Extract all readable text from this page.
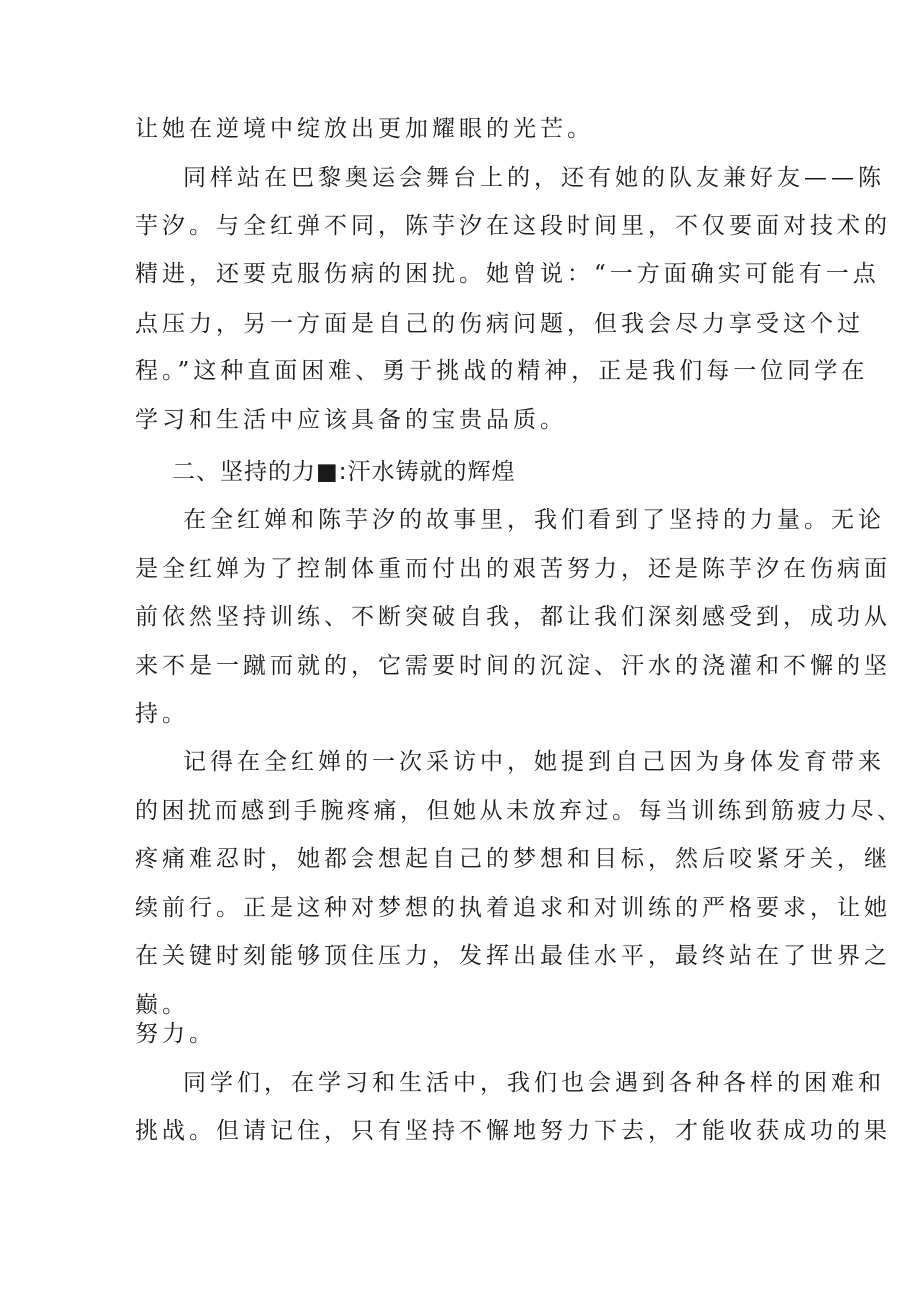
让她在逆境中绽放出更加耀眼的光芒。
同样站在巴黎奥运会舞台上的，还有她的队友兼好友——陈
芋汐。与全红弹不同，陈芋汐在这段时间里，不仅要面对技术的
精进，还要克服伤病的困扰。她曾说：“一方面确实可能有一点
点压力，另一方面是自己的伤病问题，但我会尽力享受这个过
程。”这种直面困难、勇于挑战的精神，正是我们每一位同学在
学习和生活中应该具备的宝贵品质。
二、坚持的力■:汗水铸就的辉煌
在全红婵和陈芋汐的故事里，我们看到了坚持的力量。无论
是全红婵为了控制体重而付出的艰苦努力，还是陈芋汐在伤病面
前依然坚持训练、不断突破自我，都让我们深刻感受到，成功从
来不是一蹴而就的，它需要时间的沉淀、汗水的浇灌和不懈的坚
持。
记得在全红婵的一次采访中，她提到自己因为身体发育带来
的困扰而感到手腕疼痛，但她从未放弃过。每当训练到筋疲力尽、
疼痛难忍时，她都会想起自己的梦想和目标，然后咬紧牙关，继
续前行。正是这种对梦想的执着追求和对训练的严格要求，让她
在关键时刻能够顶住压力，发挥出最佳水平，最终站在了世界之
巅。
努力。
同学们，在学习和生活中，我们也会遇到各种各样的困难和
挑战。但请记住，只有坚持不懈地努力下去，才能收获成功的果
